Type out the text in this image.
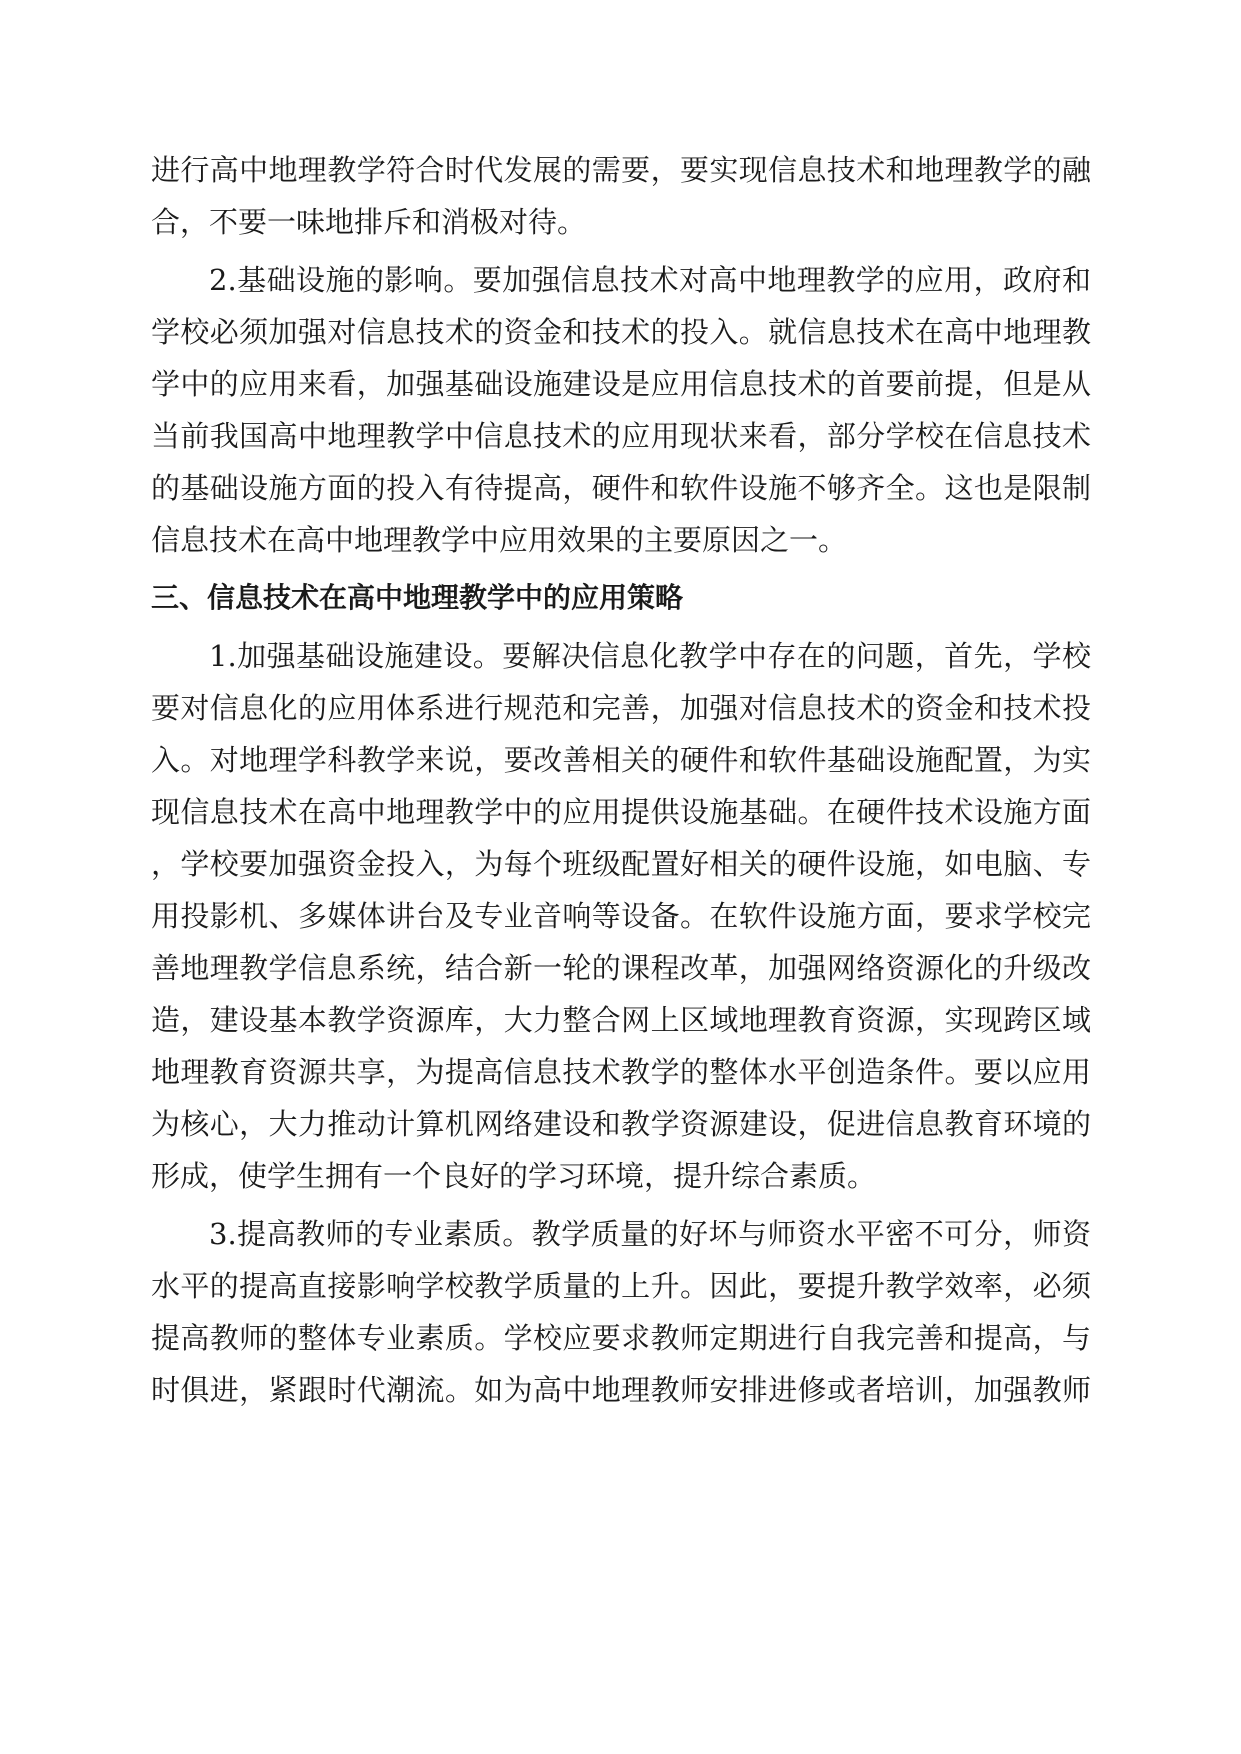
进行高中地理教学符合时代发展的需要，要实现信息技术和地理教学的融
合，不要一味地排斥和消极对待。
2.基础设施的影响。要加强信息技术对高中地理教学的应用，政府和
学校必须加强对信息技术的资金和技术的投入。就信息技术在高中地理教
学中的应用来看，加强基础设施建设是应用信息技术的首要前提，但是从
当前我国高中地理教学中信息技术的应用现状来看，部分学校在信息技术
的基础设施方面的投入有待提高，硬件和软件设施不够齐全。这也是限制
信息技术在高中地理教学中应用效果的主要原因之一。
三、信息技术在高中地理教学中的应用策略
1.加强基础设施建设。要解决信息化教学中存在的问题，首先，学校
要对信息化的应用体系进行规范和完善，加强对信息技术的资金和技术投
入。对地理学科教学来说，要改善相关的硬件和软件基础设施配置，为实
现信息技术在高中地理教学中的应用提供设施基础。在硬件技术设施方面
，学校要加强资金投入，为每个班级配置好相关的硬件设施，如电脑、专
用投影机、多媒体讲台及专业音响等设备。在软件设施方面，要求学校完
善地理教学信息系统，结合新一轮的课程改革，加强网络资源化的升级改
造，建设基本教学资源库，大力整合网上区域地理教育资源，实现跨区域
地理教育资源共享，为提高信息技术教学的整体水平创造条件。要以应用
为核心，大力推动计算机网络建设和教学资源建设，促进信息教育环境的
形成，使学生拥有一个良好的学习环境，提升综合素质。
3.提高教师的专业素质。教学质量的好坏与师资水平密不可分，师资
水平的提高直接影响学校教学质量的上升。因此，要提升教学效率，必须
提高教师的整体专业素质。学校应要求教师定期进行自我完善和提高，与
时俱进，紧跟时代潮流。如为高中地理教师安排进修或者培训，加强教师
